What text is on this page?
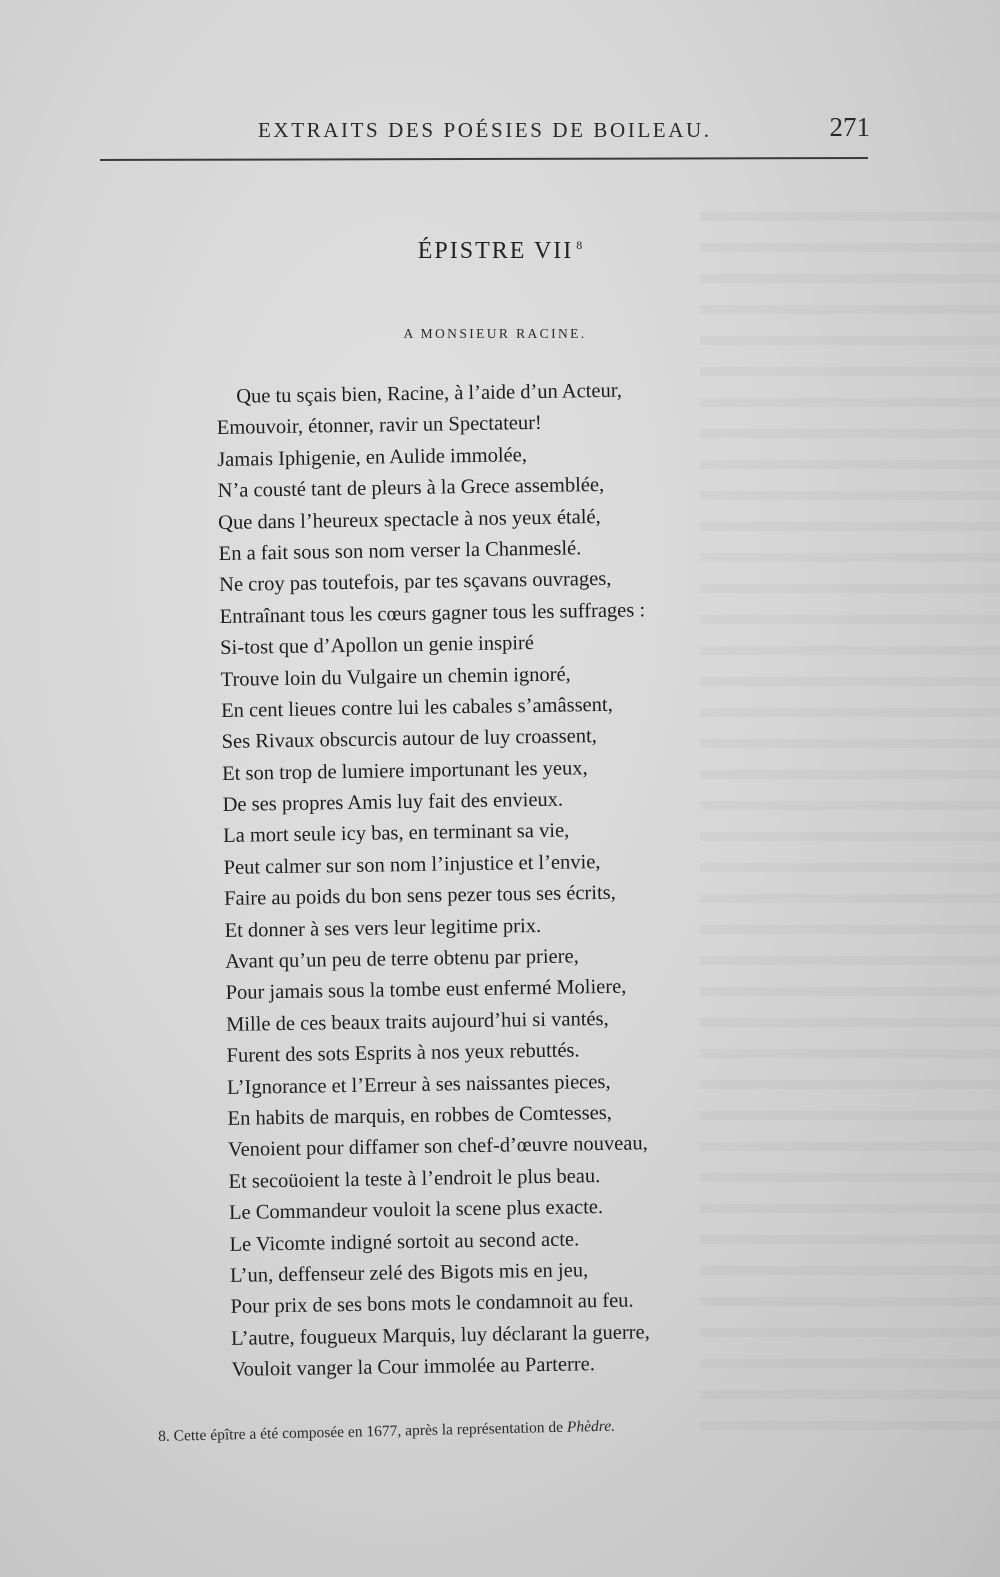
EXTRAITS DES POÉSIES DE BOILEAU.	271
ÉPISTRE VII $^8$
A MONSIEUR RACINE.
Que tu sçais bien, Racine, à l’aide d’un Acteur,
Emouvoir, étonner, ravir un Spectateur!
Jamais Iphigenie, en Aulide immolée,
N’a cousté tant de pleurs à la Grece assemblée,
Que dans l’heureux spectacle à nos yeux étalé,
En a fait sous son nom verser la Chanmeslé.
Ne croy pas toutefois, par tes sçavans ouvrages,
Entraînant tous les cœurs gagner tous les suffrages :
Si-tost que d’Apollon un genie inspiré
Trouve loin du Vulgaire un chemin ignoré,
En cent lieues contre lui les cabales s’amâssent,
Ses Rivaux obscurcis autour de luy croassent,
Et son trop de lumiere importunant les yeux,
De ses propres Amis luy fait des envieux.
La mort seule icy bas, en terminant sa vie,
Peut calmer sur son nom l’injustice et l’envie,
Faire au poids du bon sens pezer tous ses écrits,
Et donner à ses vers leur legitime prix.
Avant qu’un peu de terre obtenu par priere,
Pour jamais sous la tombe eust enfermé Moliere,
Mille de ces beaux traits aujourd’hui si vantés,
Furent des sots Esprits à nos yeux rebuttés.
L’Ignorance et l’Erreur à ses naissantes pieces,
En habits de marquis, en robbes de Comtesses,
Venoient pour diffamer son chef-d’œuvre nouveau,
Et secoüoient la teste à l’endroit le plus beau.
Le Commandeur vouloit la scene plus exacte.
Le Vicomte indigné sortoit au second acte.
L’un, deffenseur zelé des Bigots mis en jeu,
Pour prix de ses bons mots le condamnoit au feu.
L’autre, fougueux Marquis, luy déclarant la guerre,
Vouloit vanger la Cour immolée au Parterre.
8. Cette épître a été composée en 1677, après la représentation de Phèdre.
